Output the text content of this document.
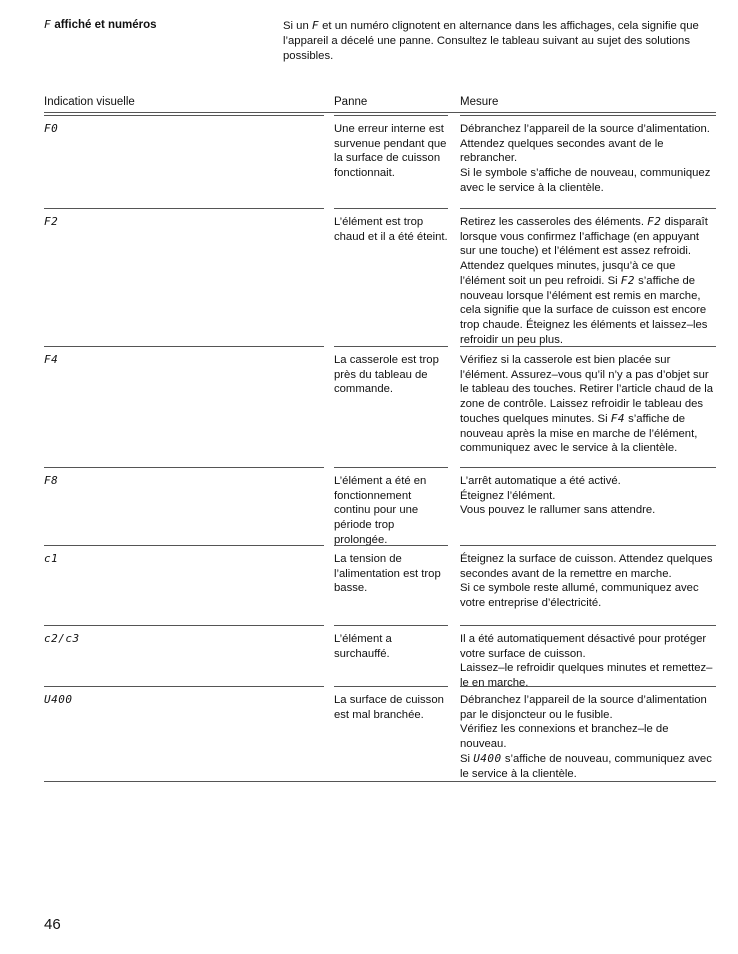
F affiché et numéros	Si un F et un numéro clignotent en alternance dans les affichages, cela signifie que l’appareil a décelé une panne. Consultez le tableau suivant au sujet des solutions possibles.
Indication visuelle	Panne	Mesure
F0	Une erreur interne est survenue pendant que la surface de cuisson fonctionnait.
Débranchez l’appareil de la source d’alimentation. Attendez quelques secondes avant de le rebrancher.
Si le symbole s’affiche de nouveau, communiquez avec le service à la clientèle.
F2	L’élément est trop chaud et il a été éteint.
Retirez les casseroles des éléments. F2 disparaît lorsque vous confirmez l’affichage (en appuyant sur une touche) et l’élément est assez refroidi. Attendez quelques minutes, jusqu’à ce que l’élément soit un peu refroidi. Si F2 s’affiche de nouveau lorsque l’élément est remis en marche, cela signifie que la surface de cuisson est encore trop chaude. Éteignez les éléments et laissez–les refroidir un peu plus.
F4	La casserole est trop près du tableau de commande.
Vérifiez si la casserole est bien placée sur l’élément. Assurez–vous qu’il n’y a pas d’objet sur le tableau des touches. Retirer l’article chaud de la zone de contrôle. Laissez refroidir le tableau des touches quelques minutes. Si F4 s’affiche de nouveau après la mise en marche de l’élément, communiquez avec le service à la clientèle.
F8	L’élément a été en fonctionnement continu pour une période trop prolongée.
L’arrêt automatique a été activé.
Éteignez l’élément.
Vous pouvez le rallumer sans attendre.
c1	La tension de l’alimentation est trop basse.
Éteignez la surface de cuisson. Attendez quelques secondes avant de la remettre en marche.
Si ce symbole reste allumé, communiquez avec votre entreprise d’électricité.
c2/c3	L’élément a surchauffé.
Il a été automatiquement désactivé pour protéger votre surface de cuisson.
Laissez–le refroidir quelques minutes et remettez–le en marche.
U400	La surface de cuisson est mal branchée.
Débranchez l’appareil de la source d’alimentation par le disjoncteur ou le fusible.
Vérifiez les connexions et branchez–le de nouveau.
Si U400 s’affiche de nouveau, communiquez avec le service à la clientèle.
46
